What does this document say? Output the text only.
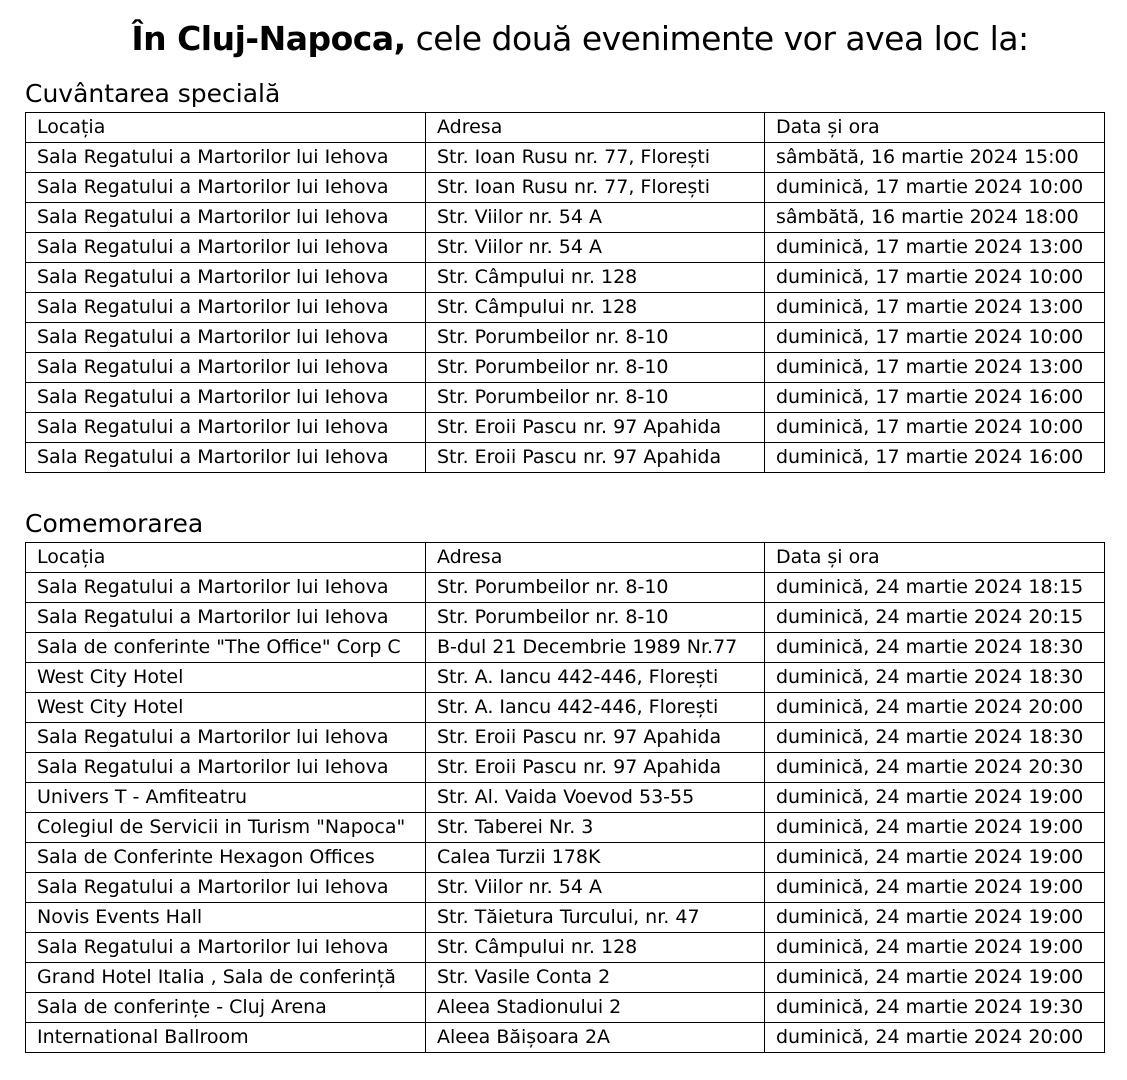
În Cluj-Napoca, cele două evenimente vor avea loc la:
Cuvântarea specială
Locația	Adresa	Data și ora
Sala Regatului a Martorilor lui Iehova	Str. Ioan Rusu nr. 77, Florești	sâmbătă, 16 martie 2024 15:00
Sala Regatului a Martorilor lui Iehova	Str. Ioan Rusu nr. 77, Florești	duminică, 17 martie 2024 10:00
Sala Regatului a Martorilor lui Iehova	Str. Viilor nr. 54 A	sâmbătă, 16 martie 2024 18:00
Sala Regatului a Martorilor lui Iehova	Str. Viilor nr. 54 A	duminică, 17 martie 2024 13:00
Sala Regatului a Martorilor lui Iehova	Str. Câmpului nr. 128	duminică, 17 martie 2024 10:00
Sala Regatului a Martorilor lui Iehova	Str. Câmpului nr. 128	duminică, 17 martie 2024 13:00
Sala Regatului a Martorilor lui Iehova	Str. Porumbeilor nr. 8-10	duminică, 17 martie 2024 10:00
Sala Regatului a Martorilor lui Iehova	Str. Porumbeilor nr. 8-10	duminică, 17 martie 2024 13:00
Sala Regatului a Martorilor lui Iehova	Str. Porumbeilor nr. 8-10	duminică, 17 martie 2024 16:00
Sala Regatului a Martorilor lui Iehova	Str. Eroii Pascu nr. 97 Apahida	duminică, 17 martie 2024 10:00
Sala Regatului a Martorilor lui Iehova	Str. Eroii Pascu nr. 97 Apahida	duminică, 17 martie 2024 16:00
Comemorarea
Locația	Adresa	Data și ora
Sala Regatului a Martorilor lui Iehova	Str. Porumbeilor nr. 8-10	duminică, 24 martie 2024 18:15
Sala Regatului a Martorilor lui Iehova	Str. Porumbeilor nr. 8-10	duminică, 24 martie 2024 20:15
Sala de conferinte "The Office" Corp C	B-dul 21 Decembrie 1989 Nr.77	duminică, 24 martie 2024 18:30
West City Hotel	Str. A. Iancu 442-446, Florești	duminică, 24 martie 2024 18:30
West City Hotel	Str. A. Iancu 442-446, Florești	duminică, 24 martie 2024 20:00
Sala Regatului a Martorilor lui Iehova	Str. Eroii Pascu nr. 97 Apahida	duminică, 24 martie 2024 18:30
Sala Regatului a Martorilor lui Iehova	Str. Eroii Pascu nr. 97 Apahida	duminică, 24 martie 2024 20:30
Univers T - Amfiteatru	Str. Al. Vaida Voevod 53-55	duminică, 24 martie 2024 19:00
Colegiul de Servicii in Turism "Napoca"	Str. Taberei Nr. 3	duminică, 24 martie 2024 19:00
Sala de Conferinte Hexagon Offices	Calea Turzii 178K	duminică, 24 martie 2024 19:00
Sala Regatului a Martorilor lui Iehova	Str. Viilor nr. 54 A	duminică, 24 martie 2024 19:00
Novis Events Hall	Str. Tăietura Turcului, nr. 47	duminică, 24 martie 2024 19:00
Sala Regatului a Martorilor lui Iehova	Str. Câmpului nr. 128	duminică, 24 martie 2024 19:00
Grand Hotel Italia , Sala de conferință	Str. Vasile Conta 2	duminică, 24 martie 2024 19:00
Sala de conferințe - Cluj Arena	Aleea Stadionului 2	duminică, 24 martie 2024 19:30
International Ballroom	Aleea Băișoara 2A	duminică, 24 martie 2024 20:00
